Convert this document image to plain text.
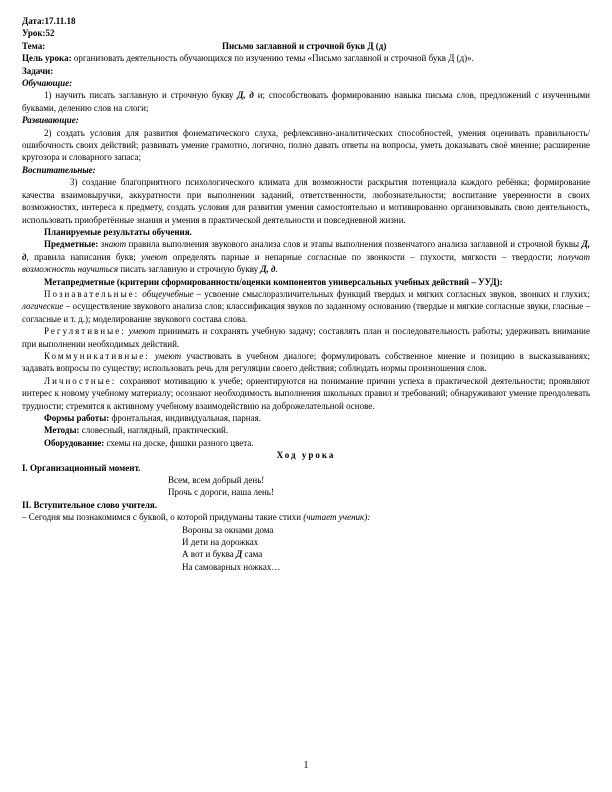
Дата:17.11.18

Урок:52

Тема:	Письмо заглавной и строчной букв Д (д)

Цель урока: организовать деятельность обучающихся по изучению темы «Письмо заглавной и строчной букв Д (д)».

Задачи:

Обучающие:

1) научить писать заглавную и строчную букву Д, д и; способствовать формированию навыка письма слов, предложений с изученными буквами, делению слов на слоги;

Развивающие:

2) создать условия для развития фонематического слуха, рефлексивно-аналитических способностей, умения оценивать правильность/ошибочность своих действий; развивать умение грамотно, логично, полно давать ответы на вопросы, уметь доказывать своё мнение; расширение кругозора и словарного запаса;

Воспитательные:

3) создание благоприятного психологического климата для возможности раскрытия потенциала каждого ребёнка; формирование качества взаимовыручки, аккуратности при выполнении заданий, ответственности, любознательности; воспитание уверенности в своих возможностях, интереса к предмету, создать условия для развития умения самостоятельно и мотивированно организовывать свою деятельность, использовать приобретённые знания и умения в практической деятельности и повседневной жизни.

Планируемые результаты обучения.

Предметные: знают правила выполнения звукового анализа слов и этапы выполнения позвенчатого анализа заглавной и строчной буквы Д, д, правила написания букв; умеют определять парные и непарные согласные по звонкости – глухости, мягкости – твердости; получат возможность научиться писать заглавную и строчную букву Д, д.

Метапредметные (критерии сформированности/оценки компонентов универсальных учебных действий – УУД):

Познавательные: общеучебные – усвоение смыслоразличительных функций твердых и мягких согласных звуков, звонких и глухих; логические – осуществление звукового анализа слов; классификация звуков по заданному основанию (твердые и мягкие согласные звуки, гласные – согласные и т. д.); моделирование звукового состава слова.

Регулятивные: умеют принимать и сохранять учебную задачу; составлять план и последовательность работы; удерживать внимание при выполнении необходимых действий.

Коммуникативные: умеют участвовать в учебном диалоге; формулировать собственное мнение и позицию в высказываниях; задавать вопросы по существу; использовать речь для регуляции своего действия; соблюдать нормы произношения слов.

Личностные: сохраняют мотивацию к учебе; ориентируются на понимание причин успеха в практической деятельности; проявляют интерес к новому учебному материалу; осознают необходимость выполнения школьных правил и требований; обнаруживают умение преодолевать трудности; стремятся к активному учебному взаимодействию на доброжелательной основе.

Формы работы: фронтальная, индивидуальная, парная.

Методы: словесный, наглядный, практический.

Оборудование: схемы на доске, фишки разного цвета.

Ход урока

I. Организационный момент.

Всем, всем добрый день!

Прочь с дороги, наша лень!

II. Вступительное слово учителя.

– Сегодня мы познакомимся с буквой, о которой придуманы такие стихи (читает ученик):

Вороны за окнами дома

И дети на дорожках

А вот и буква Д сама

На самоварных ножках…

1
